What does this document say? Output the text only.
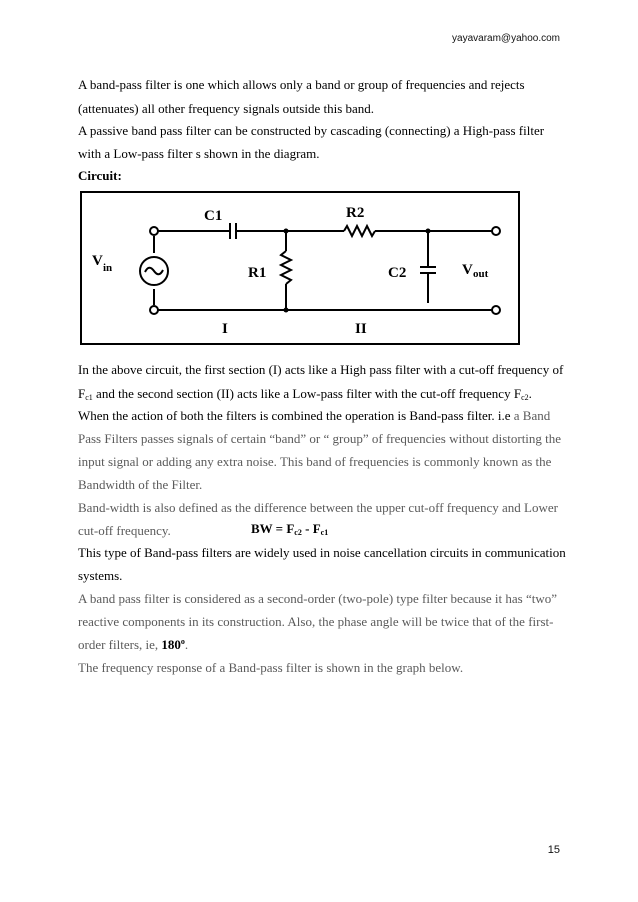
yayavaram@yahoo.com
A band-pass filter is one which allows only a band or group of frequencies and rejects
(attenuates) all other frequency signals outside this band.
A passive band pass filter can be constructed by cascading (connecting) a High-pass filter
with a Low-pass filter s shown in the diagram.
Circuit:
C1	R2
R1	C2
V in	V out
I	II
In the above circuit, the first section (I) acts like a High pass filter with a cut-off frequency of
$F_{c1}$ and the second section (II) acts like a Low-pass filter with the cut-off frequency $F_{c2}$.
When the action of both the filters is combined the operation is Band-pass filter. i.e a Band
Pass Filters passes signals of certain “band” or “ group” of frequencies without distorting the
input signal or adding any extra noise. This band of frequencies is commonly known as the
Bandwidth of the Filter.
Band-width is also defined as the difference between the upper cut-off frequency and Lower
cut-off frequency.	BW = $F_{c2} - F_{c1}$
This type of Band-pass filters are widely used in noise cancellation circuits in communication
systems.
A band pass filter is considered as a second-order (two-pole) type filter because it has “two”
reactive components in its construction. Also, the phase angle will be twice that of the first-
order filters, ie, 180$^o$.
The frequency response of a Band-pass filter is shown in the graph below.
15
